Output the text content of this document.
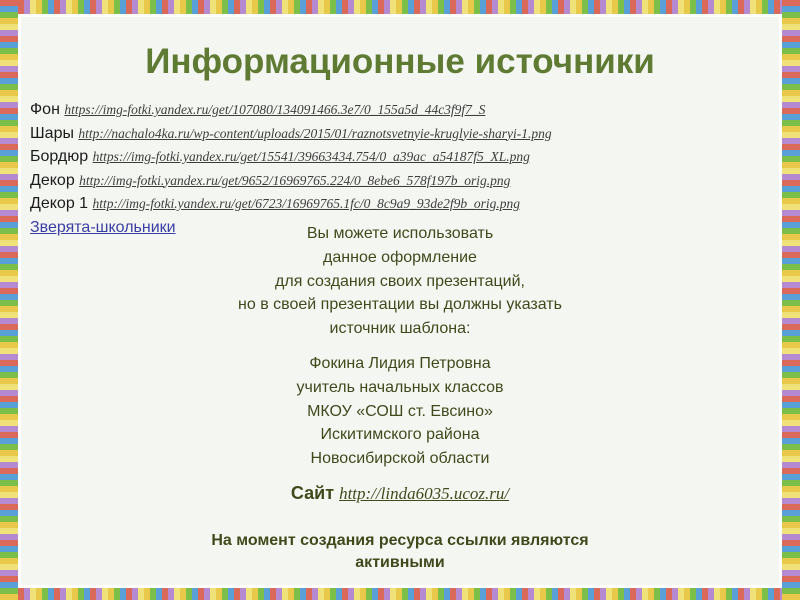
Информационные источники
Фон https://img-fotki.yandex.ru/get/107080/134091466.3e7/0_155a5d_44c3f9f7_S
Шары http://nachalo4ka.ru/wp-content/uploads/2015/01/raznotsvetnyie-kruglyie-sharyi-1.png
Бордюр https://img-fotki.yandex.ru/get/15541/39663434.754/0_a39ac_a54187f5_XL.png
Декор http://img-fotki.yandex.ru/get/9652/16969765.224/0_8ebe6_578f197b_orig.png
Декор 1 http://img-fotki.yandex.ru/get/6723/16969765.1fc/0_8c9a9_93de2f9b_orig.png
Зверята-школьники	Вы можете использовать
данное оформление
для создания своих презентаций,
но в своей презентации вы должны указать
источник шаблона:
Фокина Лидия Петровна
учитель начальных классов
МКОУ «СОШ ст. Евсино»
Искитимского района
Новосибирской области
Сайт http://linda6035.ucoz.ru/
На момент создания ресурса ссылки являются
активными
